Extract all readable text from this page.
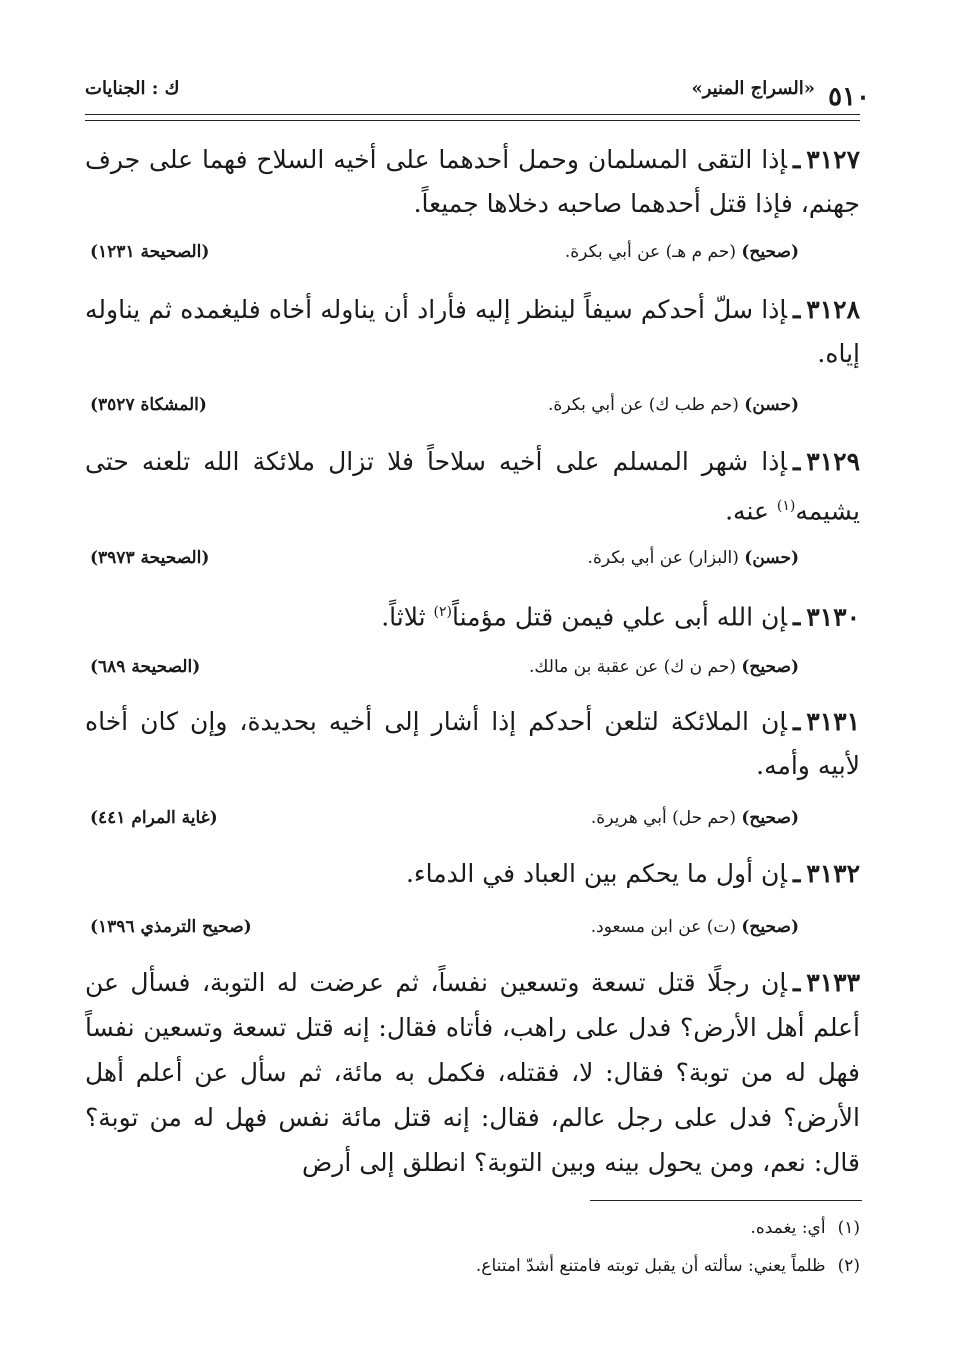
٥١٠
«السراج المنير»
ك : الجنايات
٣١٢٧ـإذا التقى المسلمان وحمل أحدهما على أخيه السلاح فهما على جرف جهنم، فإذا قتل أحدهما صاحبه دخلاها جميعاً.
(صحيح) (حم م هـ) عن أبي بكرة.
(الصحيحة ١٢٣١)
٣١٢٨ـإذا سلّ أحدكم سيفاً لينظر إليه فأراد أن يناوله أخاه فليغمده ثم يناوله إياه.
(حسن) (حم طب ك) عن أبي بكرة.
(المشكاة ٣٥٢٧)
٣١٢٩ـإذا شهر المسلم على أخيه سلاحاً فلا تزال ملائكة الله تلعنه حتى يشيمه$^{(١)}$ عنه.
(حسن) (البزار) عن أبي بكرة.
(الصحيحة ٣٩٧٣)
٣١٣٠ـإن الله أبى علي فيمن قتل مؤمناً$^{(٢)}$ ثلاثاً.
(صحيح) (حم ن ك) عن عقبة بن مالك.
(الصحيحة ٦٨٩)
٣١٣١ـإن الملائكة لتلعن أحدكم إذا أشار إلى أخيه بحديدة، وإن كان أخاه لأبيه وأمه.
(صحيح) (حم حل) أبي هريرة.
(غاية المرام ٤٤١)
٣١٣٢ـإن أول ما يحكم بين العباد في الدماء.
(صحيح) (ت) عن ابن مسعود.
(صحيح الترمذي ١٣٩٦)
٣١٣٣ـإن رجلًا قتل تسعة وتسعين نفساً، ثم عرضت له التوبة، فسأل عن أعلم أهل الأرض؟ فدل على راهب، فأتاه فقال: إنه قتل تسعة وتسعين نفساً فهل له من توبة؟ فقال: لا، فقتله، فكمل به مائة، ثم سأل عن أعلم أهل الأرض؟ فدل على رجل عالم، فقال: إنه قتل مائة نفس فهل له من توبة؟ قال: نعم، ومن يحول بينه وبين التوبة؟ انطلق إلى أرض
(١)أي: يغمده.
(٢)ظلماً يعني: سألته أن يقبل توبته فامتنع أشدّ امتناع.
